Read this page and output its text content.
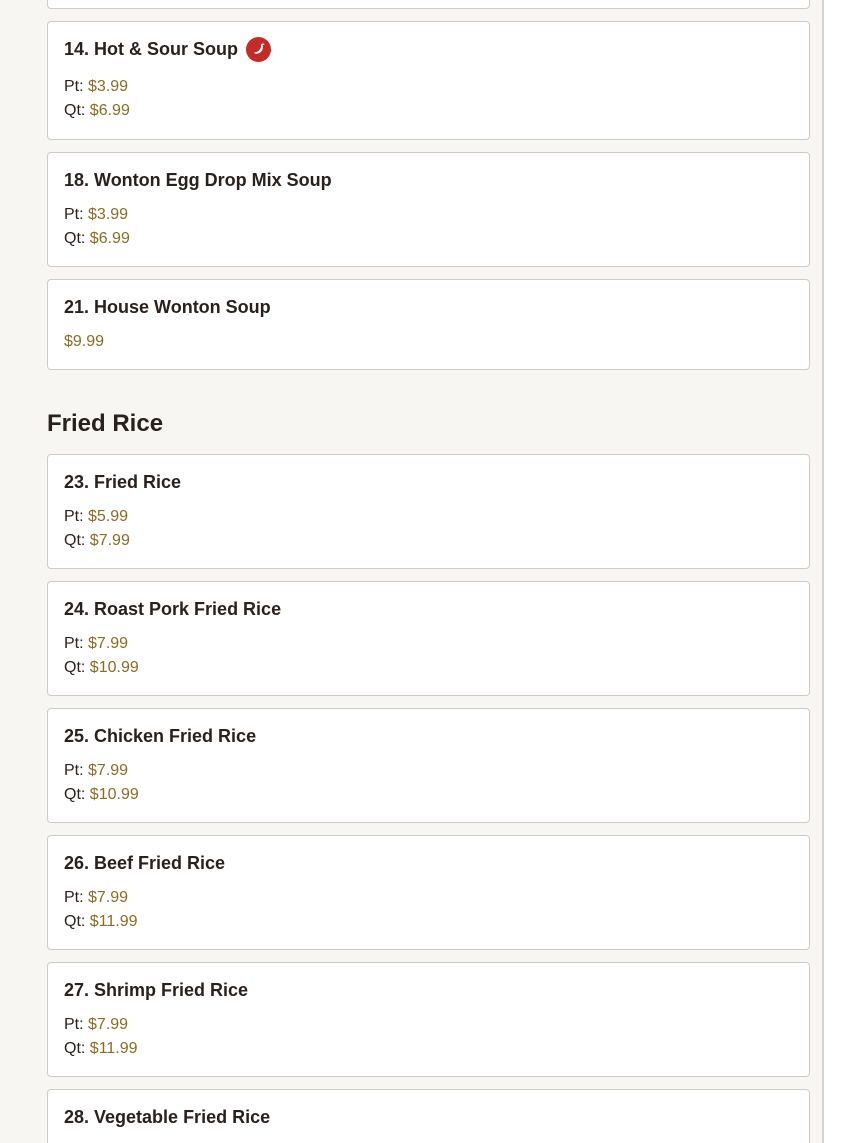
14. Hot & Sour Soup
Pt: $3.99
Qt: $6.99
18. Wonton Egg Drop Mix Soup
Pt: $3.99
Qt: $6.99
21. House Wonton Soup
$9.99
Fried Rice
23. Fried Rice
Pt: $5.99
Qt: $7.99
24. Roast Pork Fried Rice
Pt: $7.99
Qt: $10.99
25. Chicken Fried Rice
Pt: $7.99
Qt: $10.99
26. Beef Fried Rice
Pt: $7.99
Qt: $11.99
27. Shrimp Fried Rice
Pt: $7.99
Qt: $11.99
28. Vegetable Fried Rice
